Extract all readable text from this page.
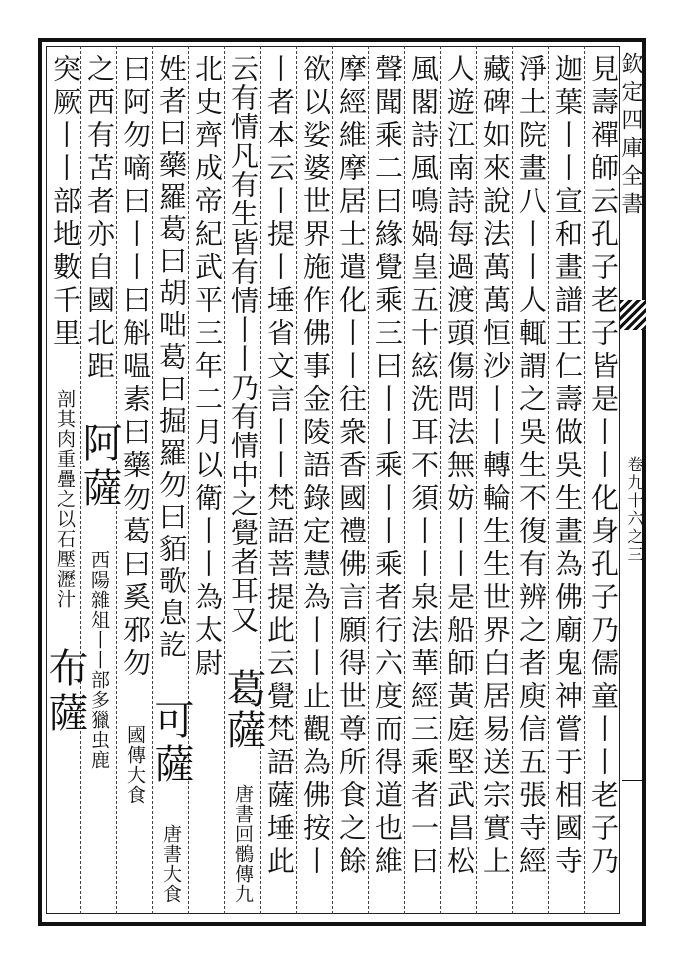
欽定四庫全書
卷九十六之三
見壽禪師云孔子老子皆是丨丨化身孔子乃儒童丨丨老子乃
迦葉丨丨宣和畫譜王仁壽做吳生畫為佛廟鬼神嘗于相國寺
淨土院畫八丨丨人輒謂之吳生不復有辨之者庾信五張寺經
藏碑如來說法萬萬恒沙丨丨轉輪生生世界白居易送宗實上
人遊江南詩每過渡頭傷問法無妨丨丨是船師黃庭堅武昌松
風閣詩風鳴媧皇五十絃洗耳不須丨丨泉法華經三乘者一曰
聲聞乘二曰緣覺乘三曰丨丨乘丨丨乘者行六度而得道也維
摩經維摩居士遣化丨丨往衆香國禮佛言願得世尊所食之餘
欲以娑婆世界施作佛事金陵語錄定慧為丨丨止觀為佛按丨
丨者本云丨提丨埵省文言丨丨梵語菩提此云覺梵語薩埵此
云有情凡有生皆有情丨丨乃有情中之覺者耳又 葛薩 唐書回鶻傳九
北史齊成帝紀武平三年二月以衛丨丨為太尉
姓者曰藥羅葛曰胡咄葛曰掘羅勿曰貊歌息訖 可薩 唐書大食
曰阿勿嘀曰丨丨曰斛嗢素曰藥勿葛曰奚邪勿 國傳大食
之西有苫者亦自國北距 阿薩 西陽雜俎丨丨部多獵虫鹿
突厥丨丨部地數千里 剖其肉重疊之以石壓瀝汁 布薩
